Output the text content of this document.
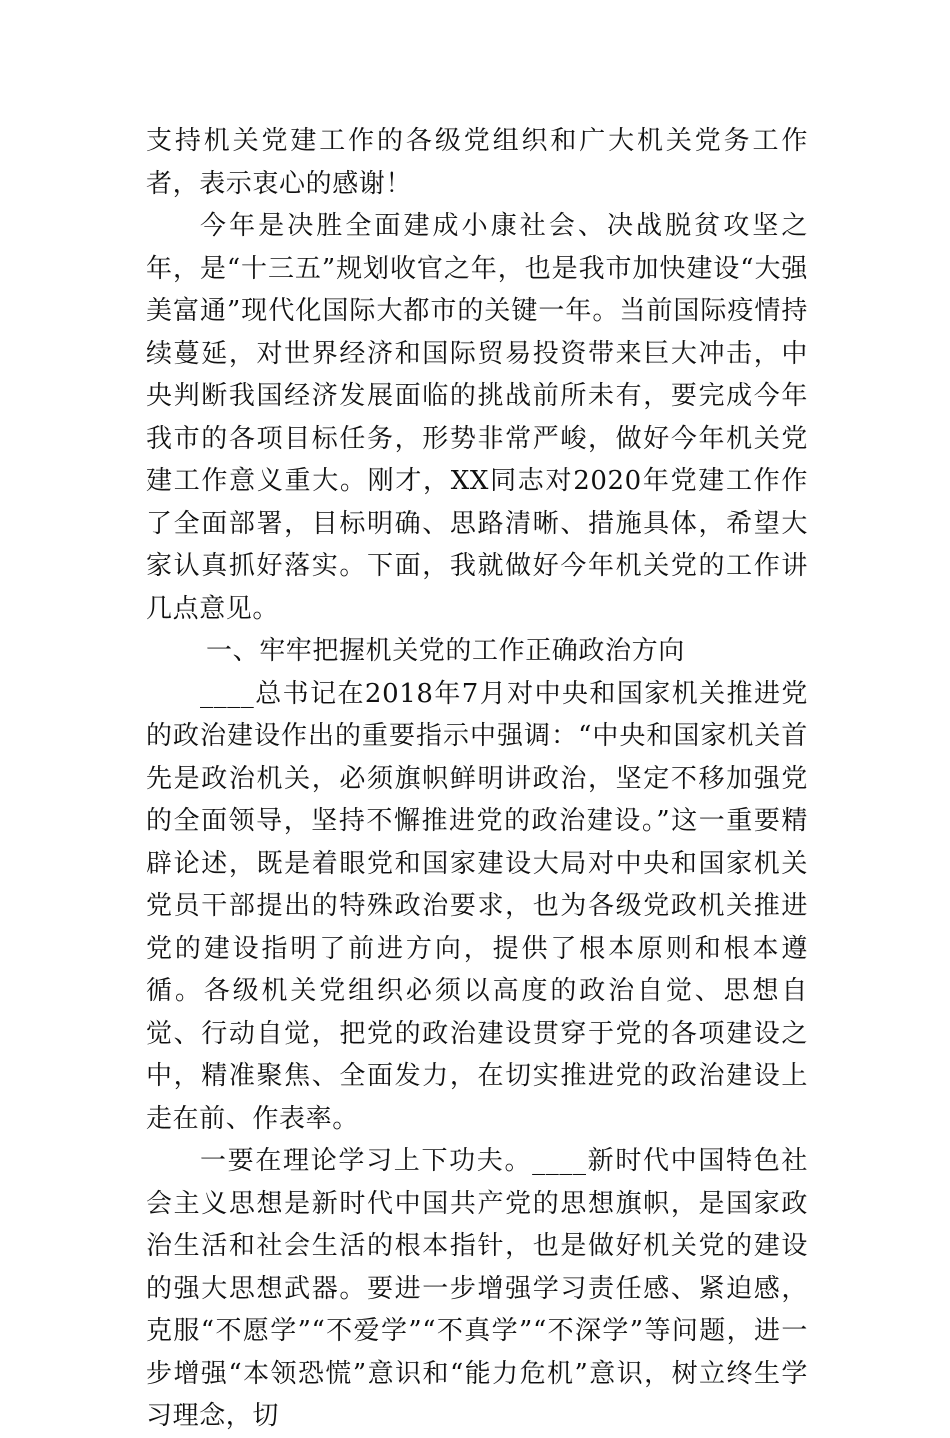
支持机关党建工作的各级党组织和广大机关党务工作者，表示衷心的感谢！

今年是决胜全面建成小康社会、决战脱贫攻坚之年，是“十三五”规划收官之年，也是我市加快建设“大强美富通”现代化国际大都市的关键一年。当前国际疫情持续蔓延，对世界经济和国际贸易投资带来巨大冲击，中央判断我国经济发展面临的挑战前所未有，要完成今年我市的各项目标任务，形势非常严峻，做好今年机关党建工作意义重大。刚才，XX同志对2020年党建工作作了全面部署，目标明确、思路清晰、措施具体，希望大家认真抓好落实。下面，我就做好今年机关党的工作讲几点意见。

一、牢牢把握机关党的工作正确政治方向

____总书记在2018年7月对中央和国家机关推进党的政治建设作出的重要指示中强调：“中央和国家机关首先是政治机关，必须旗帜鲜明讲政治，坚定不移加强党的全面领导，坚持不懈推进党的政治建设。”这一重要精辟论述，既是着眼党和国家建设大局对中央和国家机关党员干部提出的特殊政治要求，也为各级党政机关推进党的建设指明了前进方向，提供了根本原则和根本遵循。各级机关党组织必须以高度的政治自觉、思想自觉、行动自觉，把党的政治建设贯穿于党的各项建设之中，精准聚焦、全面发力，在切实推进党的政治建设上走在前、作表率。

一要在理论学习上下功夫。____新时代中国特色社会主义思想是新时代中国共产党的思想旗帜，是国家政治生活和社会生活的根本指针，也是做好机关党的建设的强大思想武器。要进一步增强学习责任感、紧迫感，克服“不愿学”“不爱学”“不真学”“不深学”等问题，进一步增强“本领恐慌”意识和“能力危机”意识，树立终生学习理念，切
